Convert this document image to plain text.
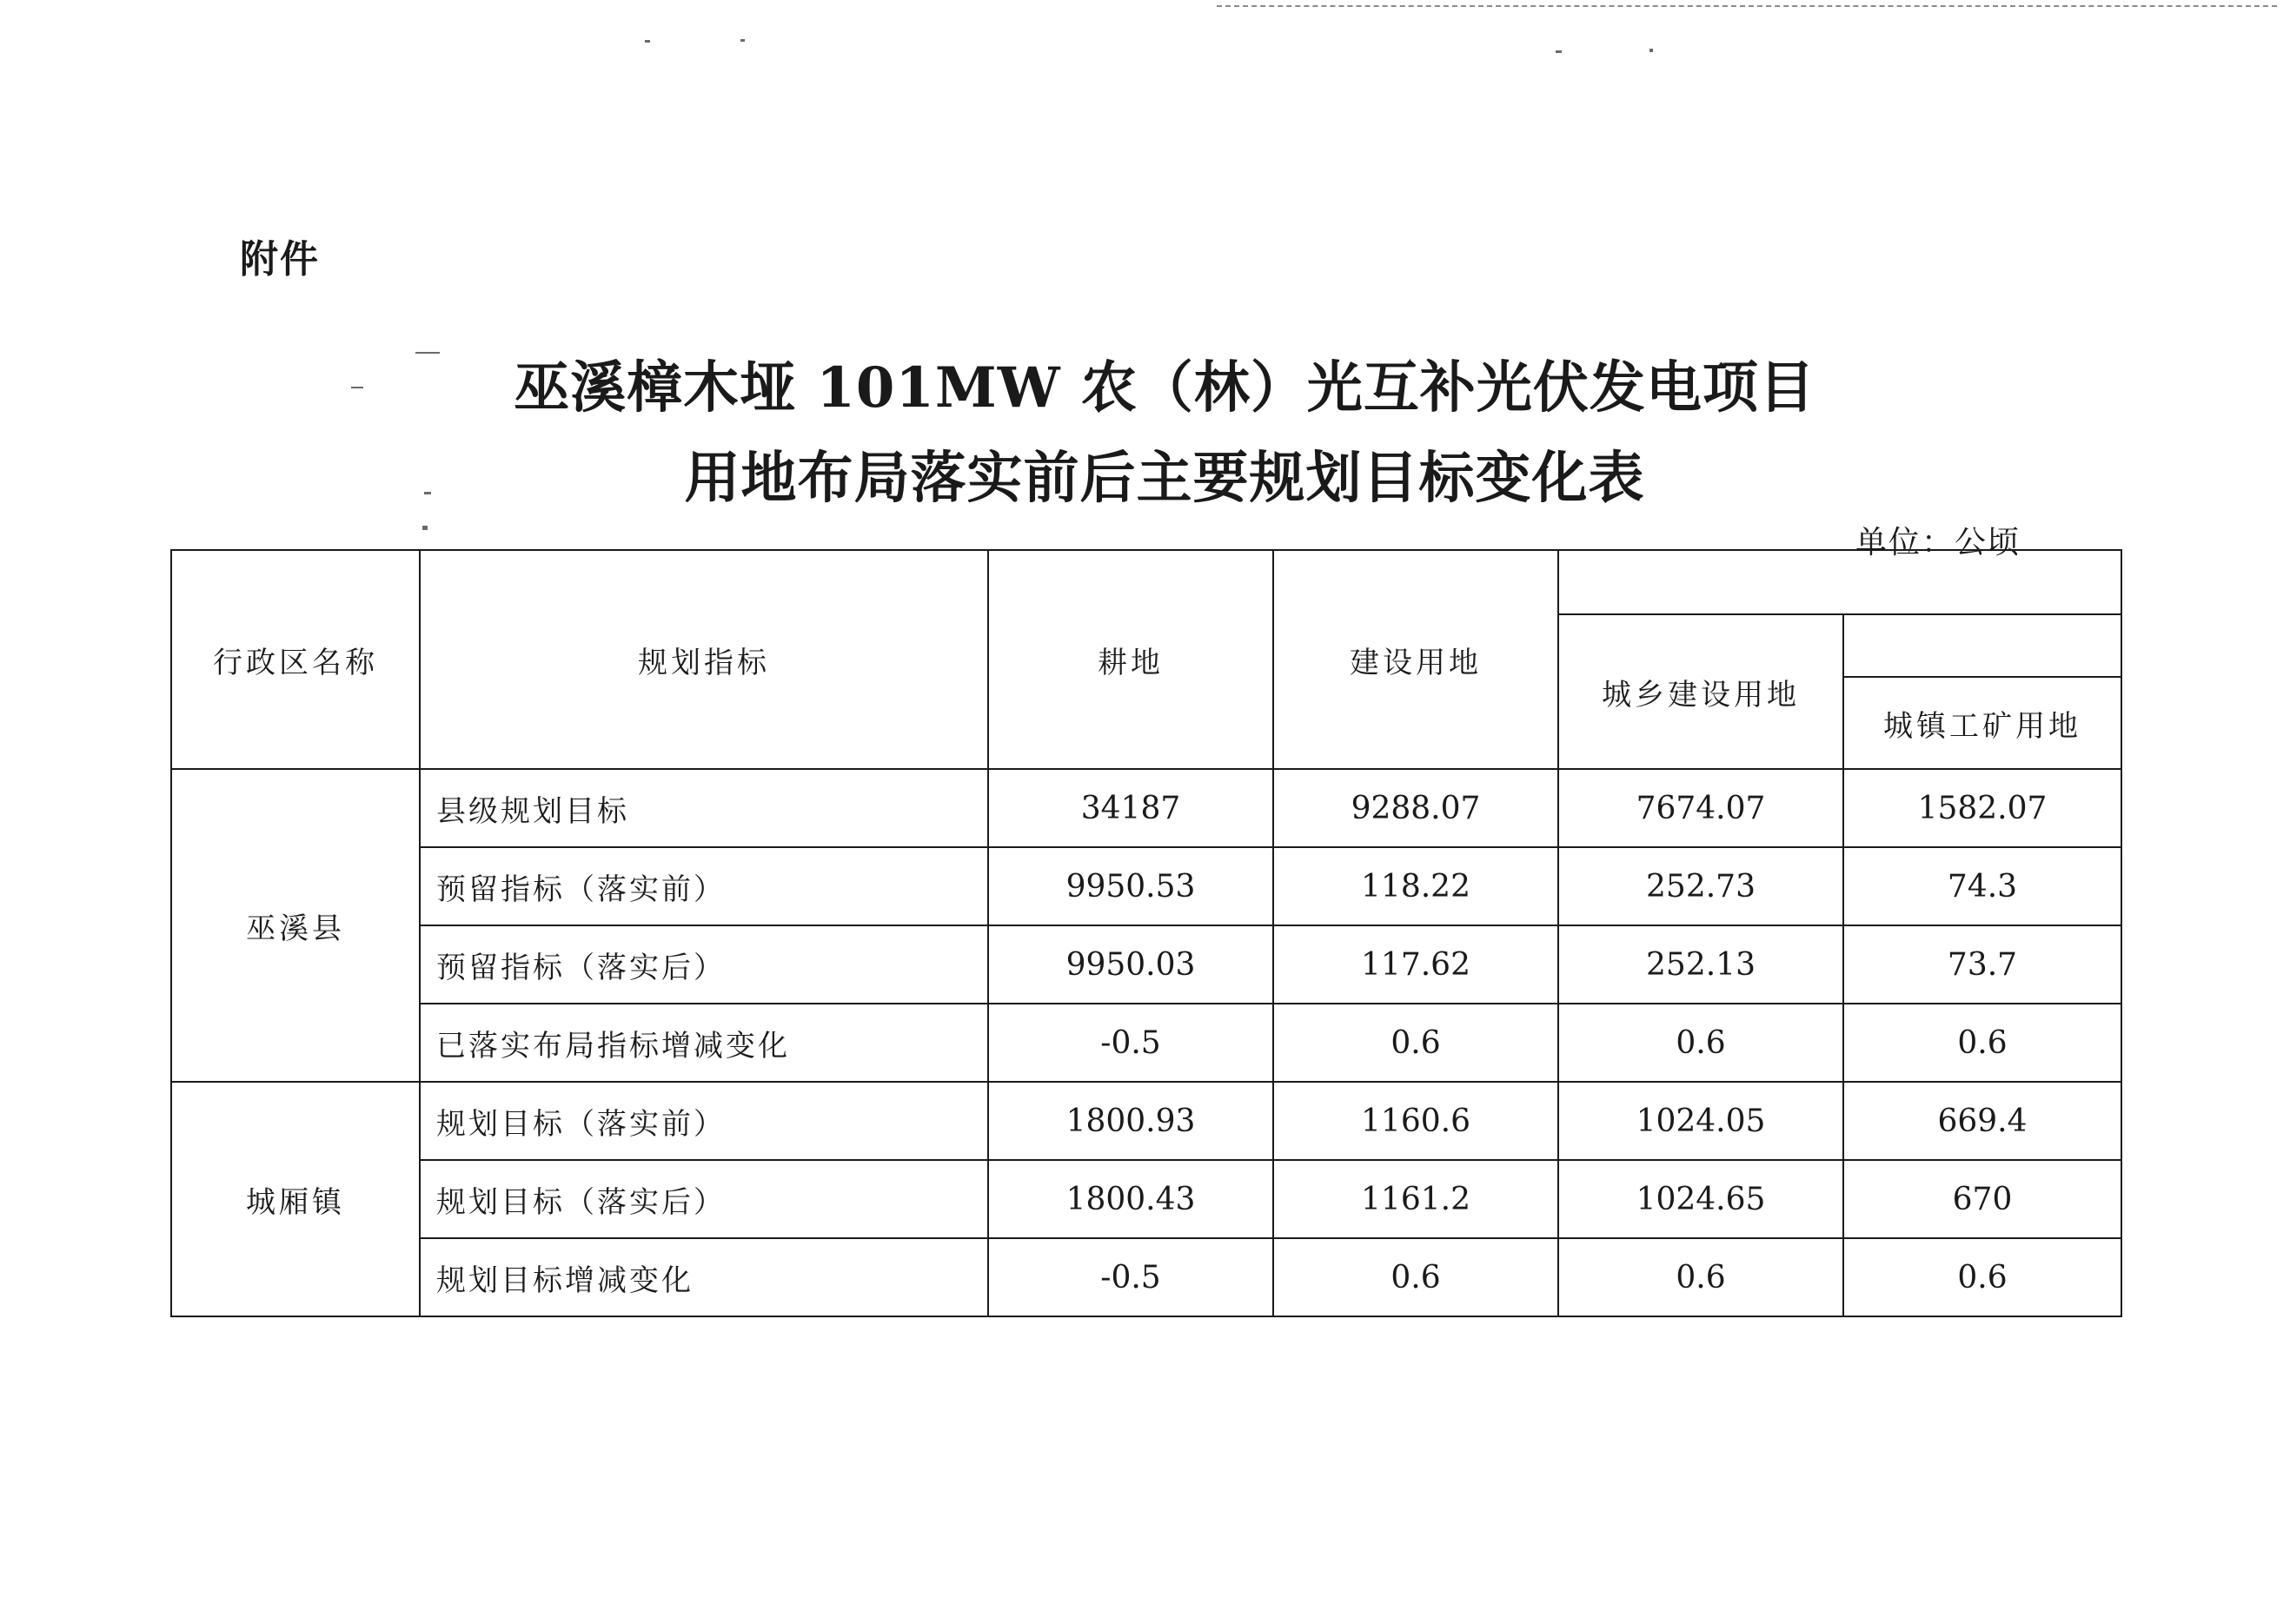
附件
巫溪樟木垭 101MW 农（林）光互补光伏发电项目
用地布局落实前后主要规划目标变化表
单位：公顷
行政区名称	规划指标	耕地	建设用地		
				城乡建设用地	
					城镇工矿用地
巫溪县	县级规划目标	34187	9288.07	7674.07	1582.07
	预留指标（落实前）	9950.53	118.22	252.73	74.3
	预留指标（落实后）	9950.03	117.62	252.13	73.7
	已落实布局指标增减变化	-0.5	0.6	0.6	0.6
城厢镇	规划目标（落实前）	1800.93	1160.6	1024.05	669.4
	规划目标（落实后）	1800.43	1161.2	1024.65	670
	规划目标增减变化	-0.5	0.6	0.6	0.6
